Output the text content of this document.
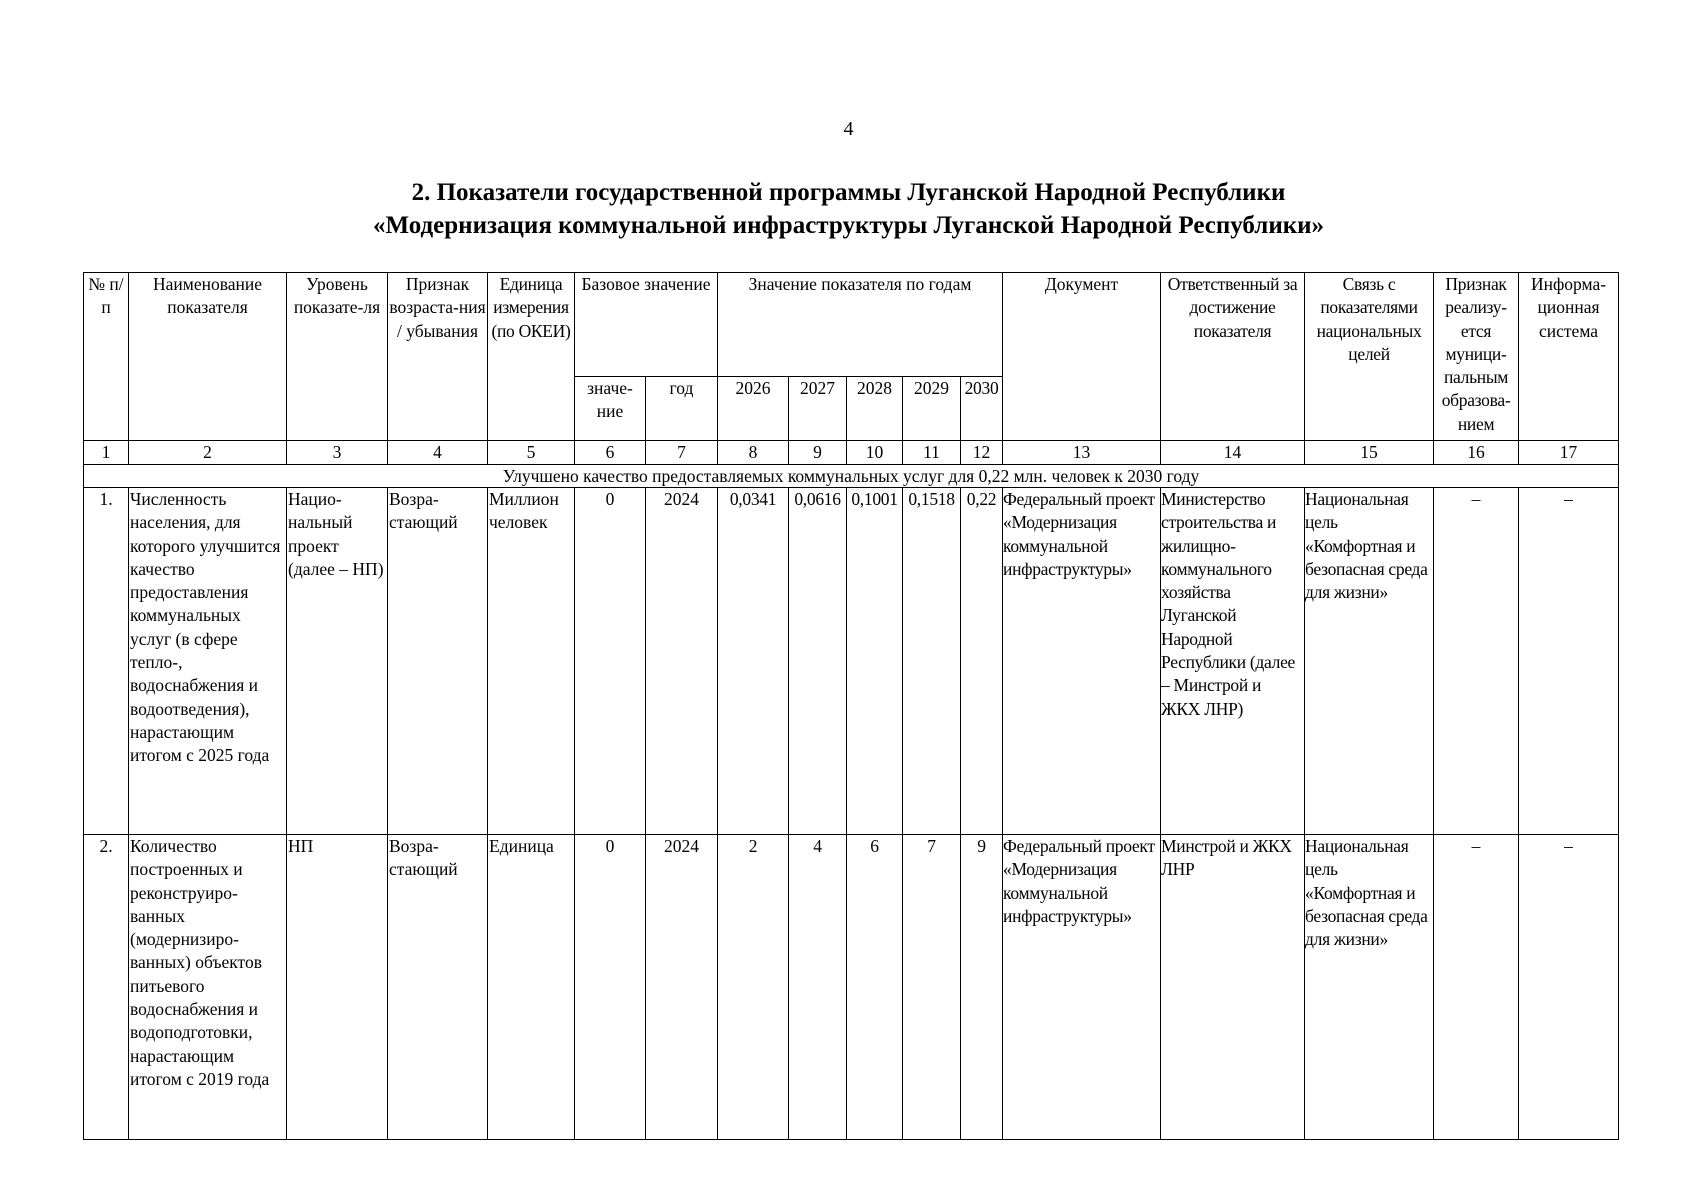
4
2. Показатели государственной программы Луганской Народной Республики
«Модернизация коммунальной инфраструктуры Луганской Народной Республики»
№ п/п	Наименование показателя	Уровень показате-ля	Признак возраста-ния / убывания	Единица измерения (по ОКЕИ)	Базовое значение		Значение показателя по годам					Документ	Ответственный за достижение показателя	Связь с показателями национальных целей	Признак реализу-ется муници-пальным образова-нием	Информа-ционная система
					значе-ние	год	2026	2027	2028	2029	2030					
1	2	3	4	5	6	7	8	9	10	11	12	13	14	15	16	17
Улучшено качество предоставляемых коммунальных услуг для 0,22 млн. человек к 2030 году																
1.	Численность населения, для которого улучшится качество предоставления коммунальных услуг (в сфере тепло-, водоснабжения и водоотведения), нарастающим итогом с 2025 года	Нацио-нальный проект (далее – НП)	Возра-стающий	Миллион человек	0	2024	0,0341	0,0616	0,1001	0,1518	0,22	Федеральный проект «Модернизация коммунальной инфраструктуры»	Министерство строительства и жилищно-коммунального хозяйства Луганской Народной Республики (далее – Минстрой и ЖКХ ЛНР)	Национальная цель «Комфортная и безопасная среда для жизни»	–	–
2.	Количество построенных и реконструиро-ванных (модернизиро-ванных) объектов питьевого водоснабжения и водоподготовки, нарастающим итогом с 2019 года	НП	Возра-стающий	Единица	0	2024	2	4	6	7	9	Федеральный проект «Модернизация коммунальной инфраструктуры»	Минстрой и ЖКХ ЛНР	Национальная цель «Комфортная и безопасная среда для жизни»	–	–
